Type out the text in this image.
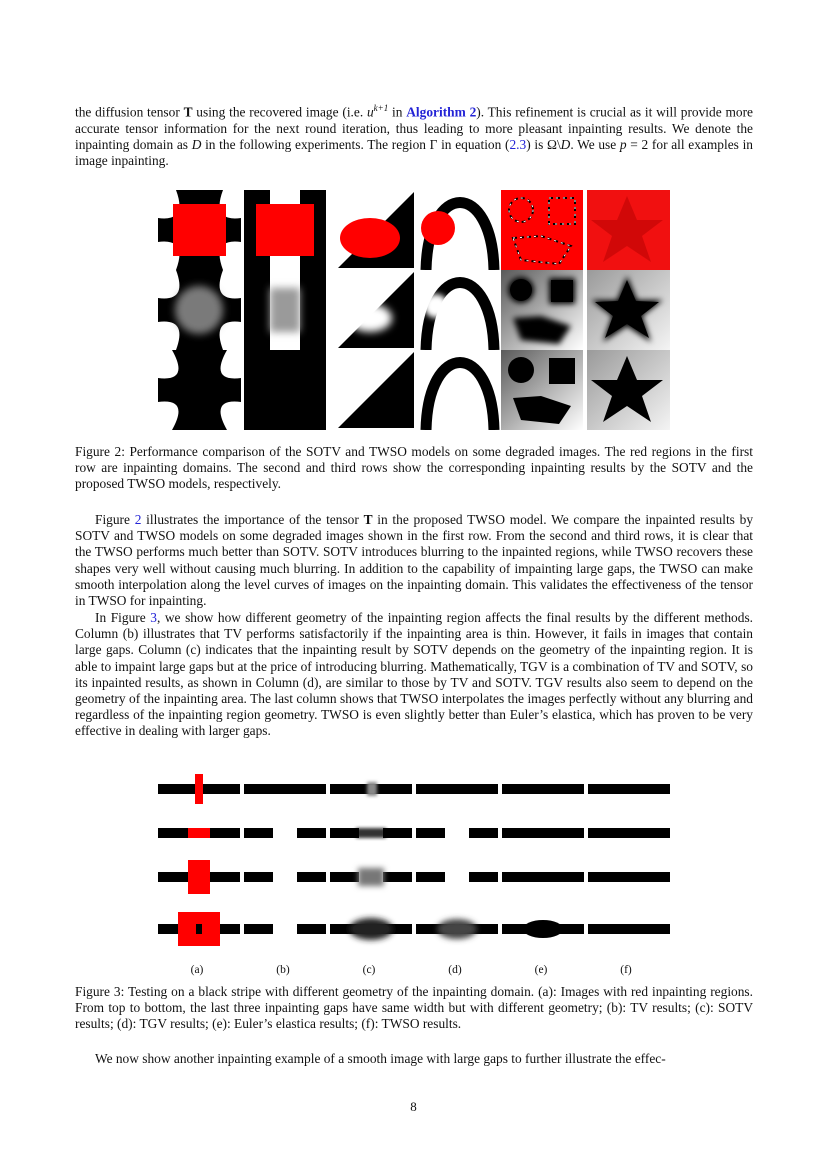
the diffusion tensor T using the recovered image (i.e. $u^{k+1}$ in Algorithm 2). This refinement is crucial as it will provide more accurate tensor information for the next round iteration, thus leading to more pleasant inpainting results. We denote the inpainting domain as D in the following experiments. The region Γ in equation (2.3) is Ω\D. We use p = 2 for all examples in image inpainting.

Figure 2: Performance comparison of the SOTV and TWSO models on some degraded images. The red regions in the first row are inpainting domains. The second and third rows show the corresponding inpainting results by the SOTV and the proposed TWSO models, respectively.

Figure 2 illustrates the importance of the tensor T in the proposed TWSO model. We compare the inpainted results by SOTV and TWSO models on some degraded images shown in the first row. From the second and third rows, it is clear that the TWSO performs much better than SOTV. SOTV introduces blurring to the inpainted regions, while TWSO recovers these shapes very well without causing much blurring. In addition to the capability of impainting large gaps, the TWSO can make smooth interpolation along the level curves of images on the inpainting domain. This validates the effectiveness of the tensor in TWSO for inpainting.

In Figure 3, we show how different geometry of the inpainting region affects the final results by the different methods. Column (b) illustrates that TV performs satisfactorily if the inpainting area is thin. However, it fails in images that contain large gaps. Column (c) indicates that the inpainting result by SOTV depends on the geometry of the inpainting region. It is able to impaint large gaps but at the price of introducing blurring. Mathematically, TGV is a combination of TV and SOTV, so its inpainted results, as shown in Column (d), are similar to those by TV and SOTV. TGV results also seem to depend on the geometry of the inpainting area. The last column shows that TWSO interpolates the images perfectly without any blurring and regardless of the inpainting region geometry. TWSO is even slightly better than Euler’s elastica, which has proven to be very effective in dealing with larger gaps.

(a)	(b)	(c)	(d)	(e)	(f)

Figure 3: Testing on a black stripe with different geometry of the inpainting domain. (a): Images with red inpainting regions. From top to bottom, the last three inpainting gaps have same width but with different geometry; (b): TV results; (c): SOTV results; (d): TGV results; (e): Euler’s elastica results; (f): TWSO results.

We now show another inpainting example of a smooth image with large gaps to further illustrate the effec-

8
